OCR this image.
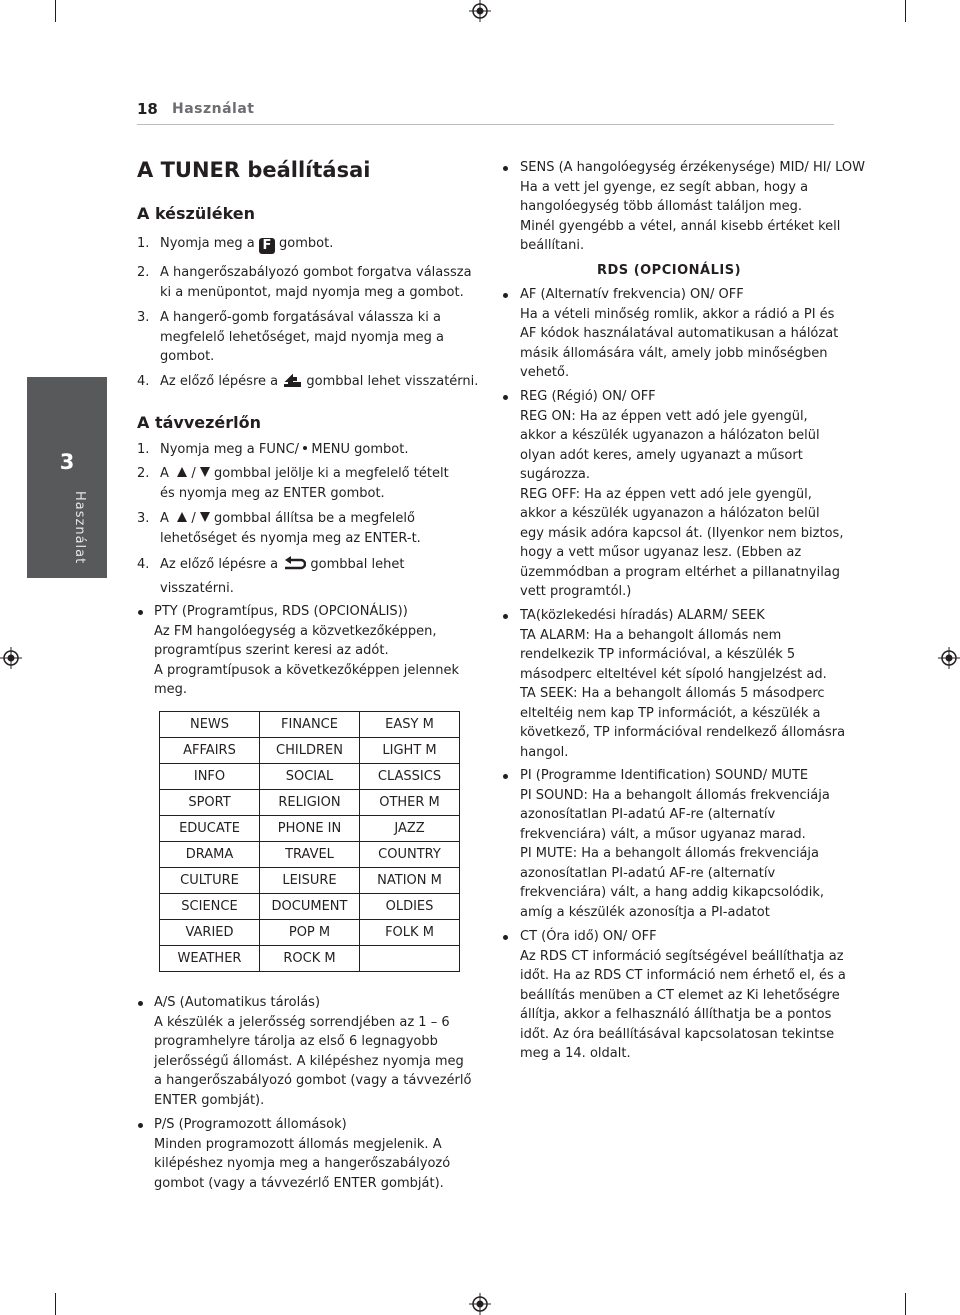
18 Használat
3
Használat
A TUNER beállításai
A készüléken
1. Nyomja meg a F gombot.
2. A hangerőszabályozó gombot forgatva válassza
ki a menüpontot, majd nyomja meg a gombot.
3. A hangerő-gomb forgatásával válassza ki a
megfelelő lehetőséget, majd nyomja meg a
gombot.
4. Az előző lépésre a gombbal lehet visszatérni.
A távvezérlőn
1. Nyomja meg a FUNC/ MENU gombot.
2. A / gombbal jelölje ki a megfelelő tételt
és nyomja meg az ENTER gombot.
3. A / gombbal állítsa be a megfelelő
lehetőséget és nyomja meg az ENTER-t.
4. Az előző lépésre a gombbal lehet
visszatérni.
PTY (Programtípus, RDS (OPCIONÁLIS))
Az FM hangolóegység a közvetkezőképpen,
programtípus szerint keresi az adót.
A programtípusok a következőképpen jelennek
meg.
NEWS	FINANCE	EASY M
AFFAIRS	CHILDREN	LIGHT M
INFO	SOCIAL	CLASSICS
SPORT	RELIGION	OTHER M
EDUCATE	PHONE IN	JAZZ
DRAMA	TRAVEL	COUNTRY
CULTURE	LEISURE	NATION M
SCIENCE	DOCUMENT	OLDIES
VARIED	POP M	FOLK M
WEATHER	ROCK M	
A/S (Automatikus tárolás)
A készülék a jelerősség sorrendjében az 1 – 6
programhelyre tárolja az első 6 legnagyobb
jelerősségű állomást. A kilépéshez nyomja meg
a hangerőszabályozó gombot (vagy a távvezérlő
ENTER gombját).
P/S (Programozott állomások)
Minden programozott állomás megjelenik. A
kilépéshez nyomja meg a hangerőszabályozó
gombot (vagy a távvezérlő ENTER gombját).
SENS (A hangolóegység érzékenysége) MID/ HI/ LOW
Ha a vett jel gyenge, ez segít abban, hogy a
hangolóegység több állomást találjon meg.
Minél gyengébb a vétel, annál kisebb értéket kell
beállítani.
RDS (OPCIONÁLIS)
AF (Alternatív frekvencia) ON/ OFF
Ha a vételi minőség romlik, akkor a rádió a PI és
AF kódok használatával automatikusan a hálózat
másik állomására vált, amely jobb minőségben
vehető.
REG (Régió) ON/ OFF
REG ON: Ha az éppen vett adó jele gyengül,
akkor a készülék ugyanazon a hálózaton belül
olyan adót keres, amely ugyanazt a műsort
sugározza.
REG OFF: Ha az éppen vett adó jele gyengül,
akkor a készülék ugyanazon a hálózaton belül
egy másik adóra kapcsol át. (Ilyenkor nem biztos,
hogy a vett műsor ugyanaz lesz. (Ebben az
üzemmódban a program eltérhet a pillanatnyilag
vett programtól.)
TA(közlekedési híradás) ALARM/ SEEK
TA ALARM: Ha a behangolt állomás nem
rendelkezik TP információval, a készülék 5
másodperc elteltével két sípoló hangjelzést ad.
TA SEEK: Ha a behangolt állomás 5 másodperc
elteltéig nem kap TP információt, a készülék a
következő, TP információval rendelkező állomásra
hangol.
PI (Programme Identification) SOUND/ MUTE
PI SOUND: Ha a behangolt állomás frekvenciája
azonosítatlan PI-adatú AF-re (alternatív
frekvenciára) vált, a műsor ugyanaz marad.
PI MUTE: Ha a behangolt állomás frekvenciája
azonosítatlan PI-adatú AF-re (alternatív
frekvenciára) vált, a hang addig kikapcsolódik,
amíg a készülék azonosítja a PI-adatot
CT (Óra idő) ON/ OFF
Az RDS CT információ segítségével beállíthatja az
időt. Ha az RDS CT információ nem érhető el, és a
beállítás menüben a CT elemet az Ki lehetőségre
állítja, akkor a felhasználó állíthatja be a pontos
időt. Az óra beállításával kapcsolatosan tekintse
meg a 14. oldalt.
